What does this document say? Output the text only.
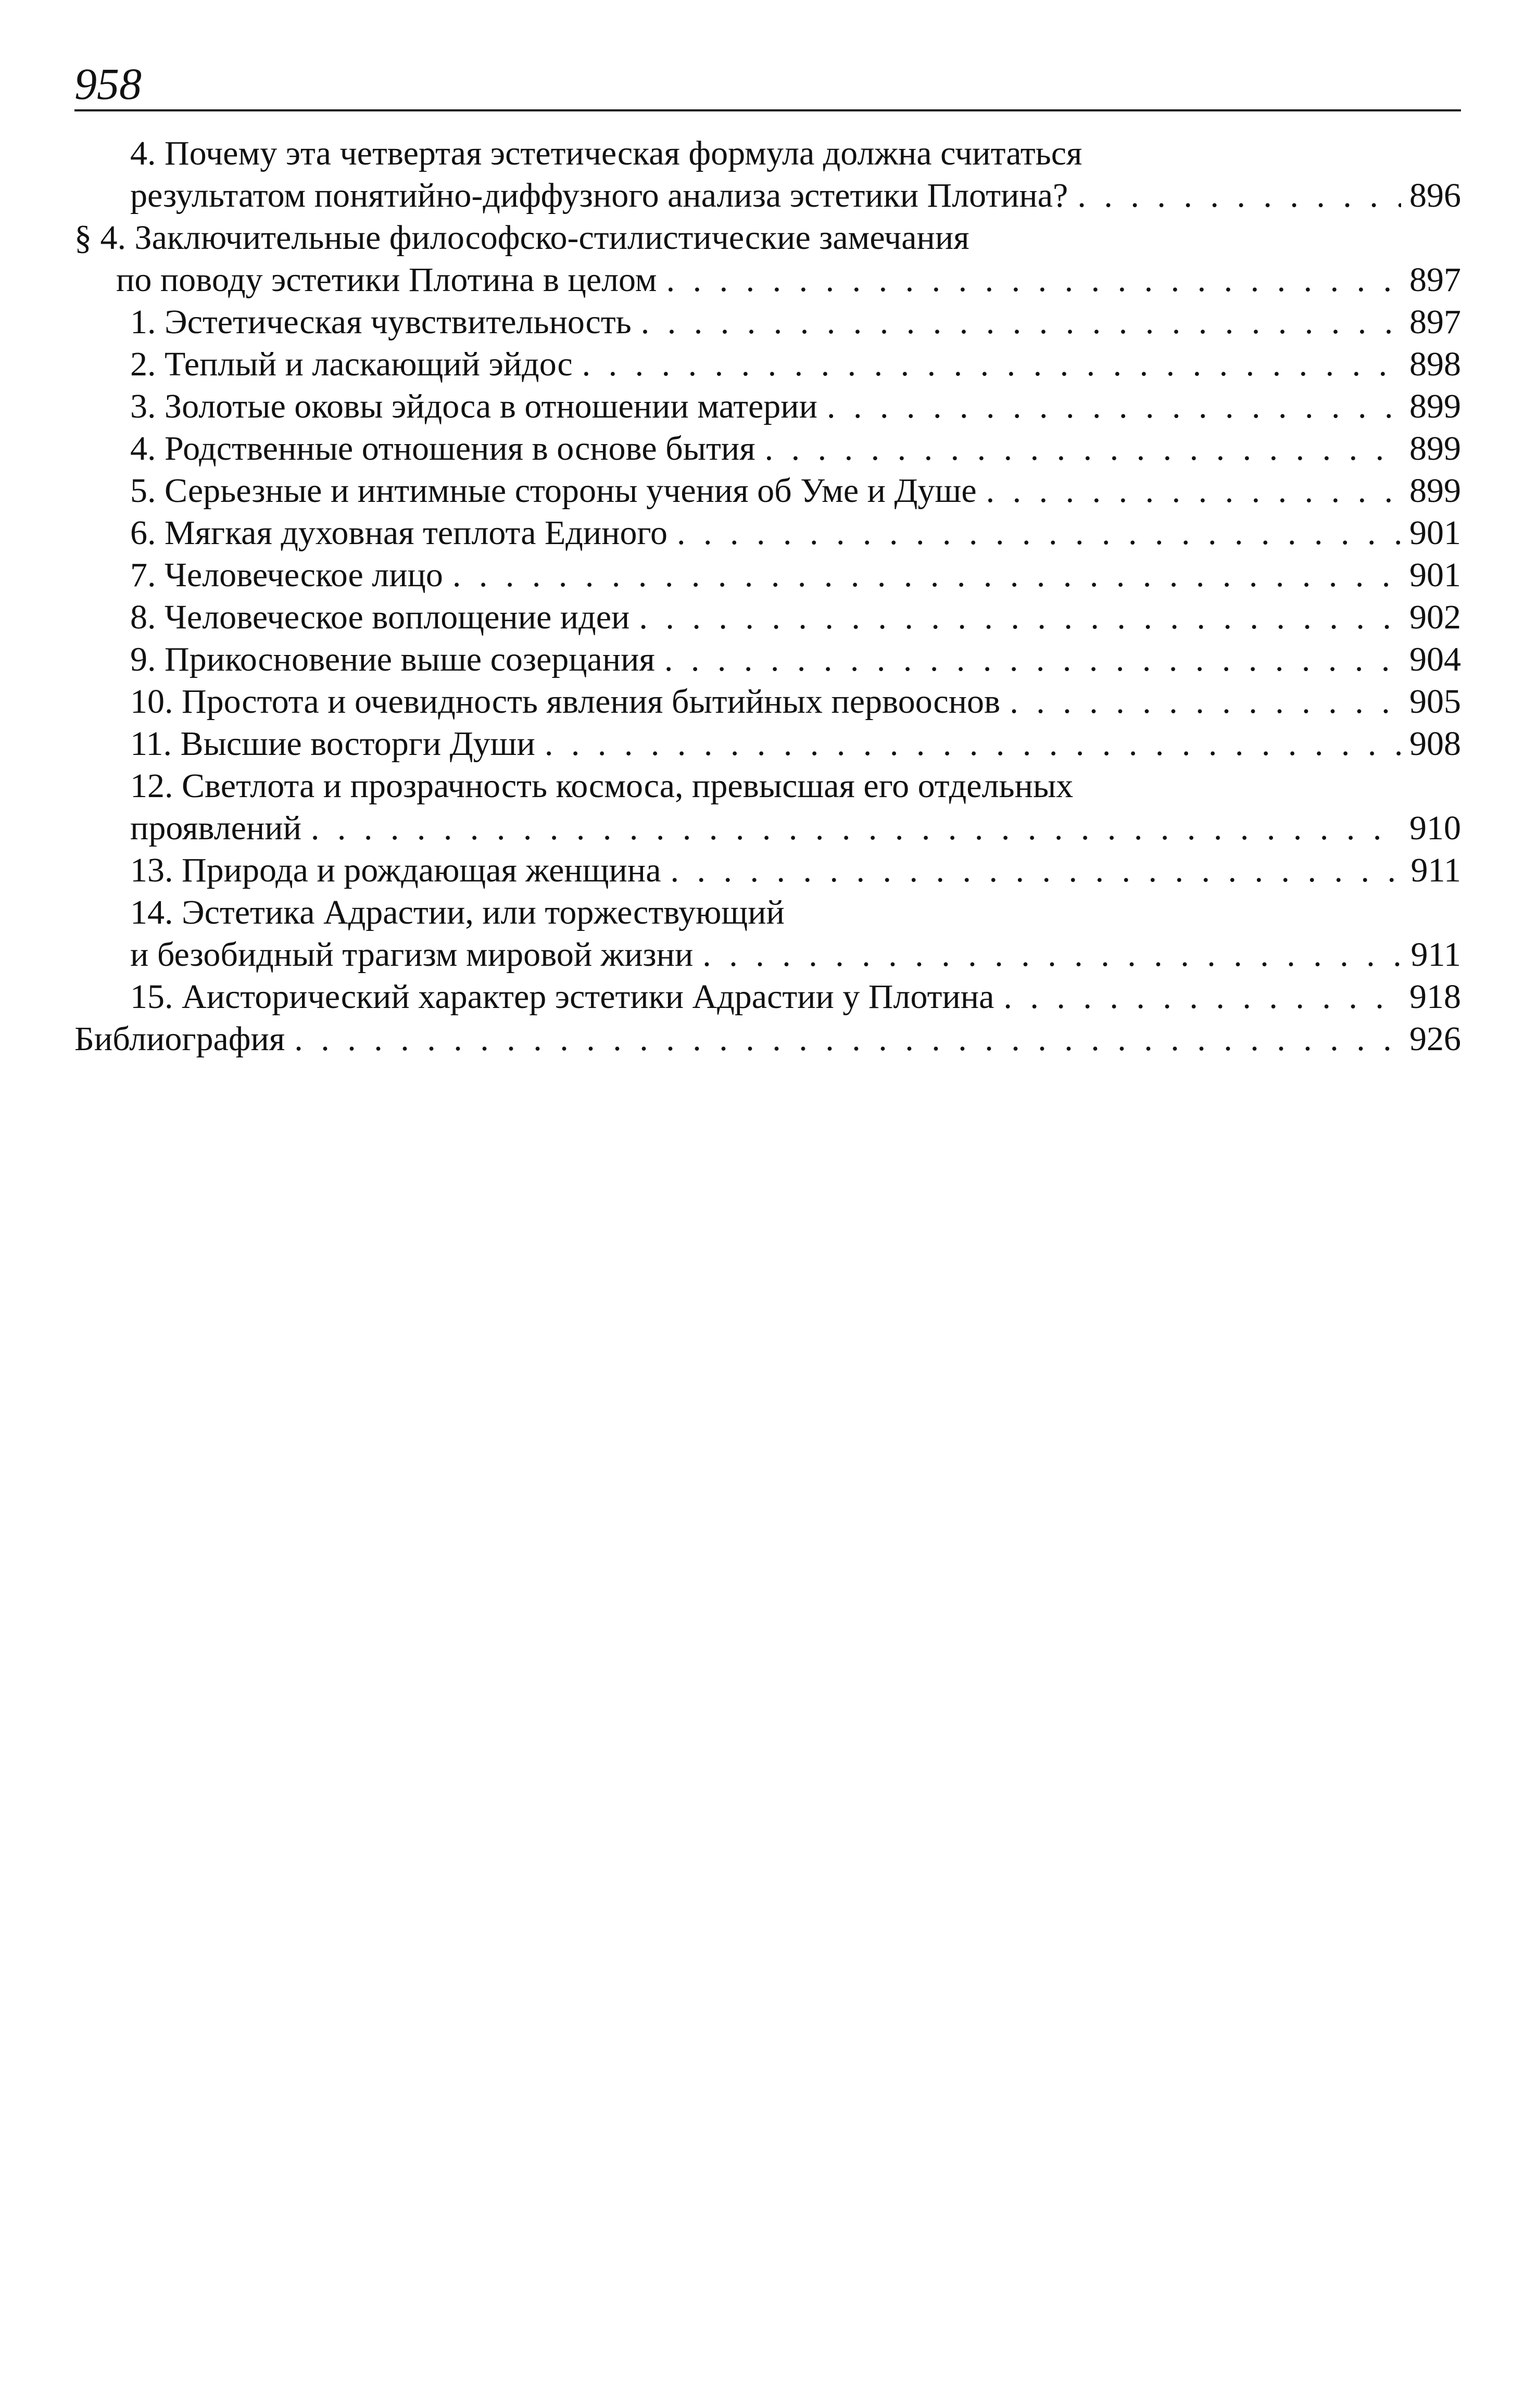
958
4. Почему эта четвертая эстетическая формула должна считаться
результатом понятийно-диффузного анализа эстетики Плотина? . . .	896
§ 4. Заключительные философско-стилистические замечания
по поводу эстетики Плотина в целом . . .	897
1. Эстетическая чувствительность . . .	897
2. Теплый и ласкающий эйдос . . .	898
3. Золотые оковы эйдоса в отношении материи . . .	899
4. Родственные отношения в основе бытия . . .	899
5. Серьезные и интимные стороны учения об Уме и Душе . . .	899
6. Мягкая духовная теплота Единого . . .	901
7. Человеческое лицо . . .	901
8. Человеческое воплощение идеи . . .	902
9. Прикосновение выше созерцания . . .	904
10. Простота и очевидность явления бытийных первооснов . . .	905
11. Высшие восторги Души . . .	908
12. Светлота и прозрачность космоса, превысшая его отдельных
проявлений . . .	910
13. Природа и рождающая женщина . . .	911
14. Эстетика Адрастии, или торжествующий
и безобидный трагизм мировой жизни . . .	911
15. Аисторический характер эстетики Адрастии у Плотина . . .	918
Библиография . . .	926
